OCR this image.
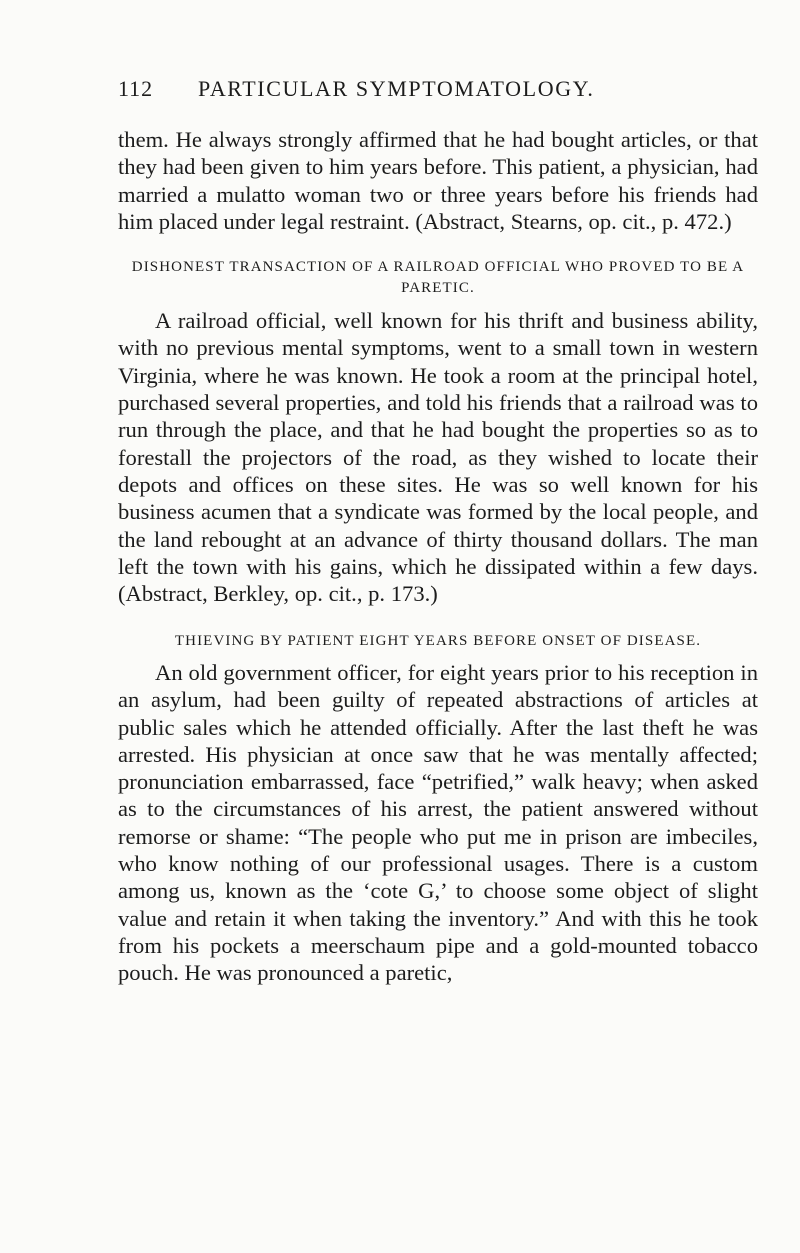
112 PARTICULAR SYMPTOMATOLOGY.

them. He always strongly affirmed that he had bought articles, or that they had been given to him years before. This patient, a physician, had married a mulatto woman two or three years before his friends had him placed under legal restraint. (Abstract, Stearns, op. cit., p. 472.)

DISHONEST TRANSACTION OF A RAILROAD OFFICIAL WHO PROVED TO BE A PARETIC.

A railroad official, well known for his thrift and business ability, with no previous mental symptoms, went to a small town in western Virginia, where he was known. He took a room at the principal hotel, purchased several properties, and told his friends that a railroad was to run through the place, and that he had bought the properties so as to forestall the projectors of the road, as they wished to locate their depots and offices on these sites. He was so well known for his business acumen that a syndicate was formed by the local people, and the land rebought at an advance of thirty thousand dollars. The man left the town with his gains, which he dissipated within a few days. (Abstract, Berkley, op. cit., p. 173.)

THIEVING BY PATIENT EIGHT YEARS BEFORE ONSET OF DISEASE.

An old government officer, for eight years prior to his reception in an asylum, had been guilty of repeated abstractions of articles at public sales which he attended officially. After the last theft he was arrested. His physician at once saw that he was mentally affected; pronunciation embarrassed, face “petrified,” walk heavy; when asked as to the circumstances of his arrest, the patient answered without remorse or shame: “The people who put me in prison are imbeciles, who know nothing of our professional usages. There is a custom among us, known as the ‘cote G,’ to choose some object of slight value and retain it when taking the inventory.” And with this he took from his pockets a meerschaum pipe and a gold-mounted tobacco pouch. He was pronounced a paretic,
